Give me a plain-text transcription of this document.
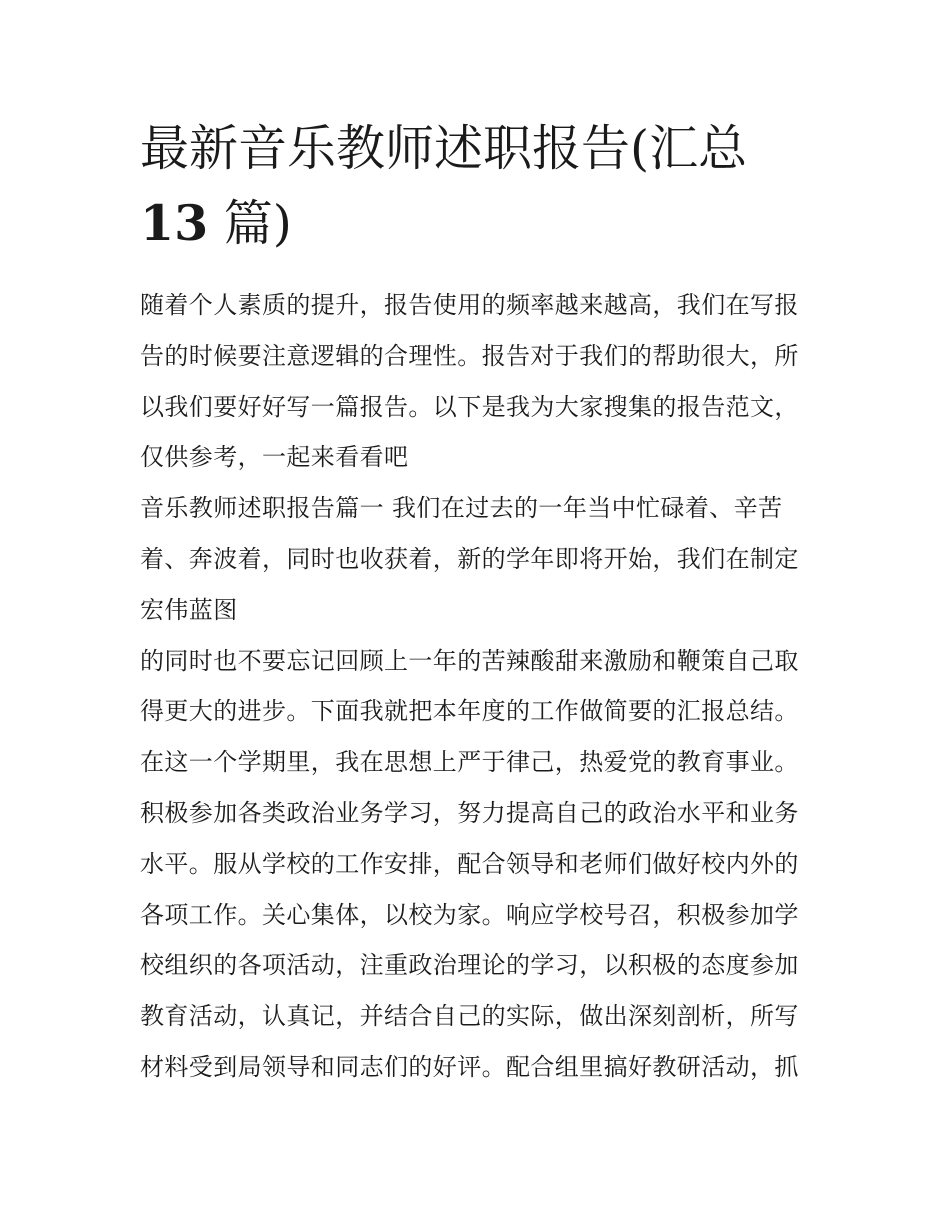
最新音乐教师述职报告(汇总
13 篇)
随着个人素质的提升，报告使用的频率越来越高，我们在写报
告的时候要注意逻辑的合理性。报告对于我们的帮助很大，所
以我们要好好写一篇报告。以下是我为大家搜集的报告范文，
仅供参考，一起来看看吧
音乐教师述职报告篇一 我们在过去的一年当中忙碌着、辛苦
着、奔波着，同时也收获着，新的学年即将开始，我们在制定
宏伟蓝图
的同时也不要忘记回顾上一年的苦辣酸甜来激励和鞭策自己取
得更大的进步。下面我就把本年度的工作做简要的汇报总结。
在这一个学期里，我在思想上严于律己，热爱党的教育事业。
积极参加各类政治业务学习，努力提高自己的政治水平和业务
水平。服从学校的工作安排，配合领导和老师们做好校内外的
各项工作。关心集体，以校为家。响应学校号召，积极参加学
校组织的各项活动，注重政治理论的学习，以积极的态度参加
教育活动，认真记，并结合自己的实际，做出深刻剖析，所写
材料受到局领导和同志们的好评。配合组里搞好教研活动，抓
